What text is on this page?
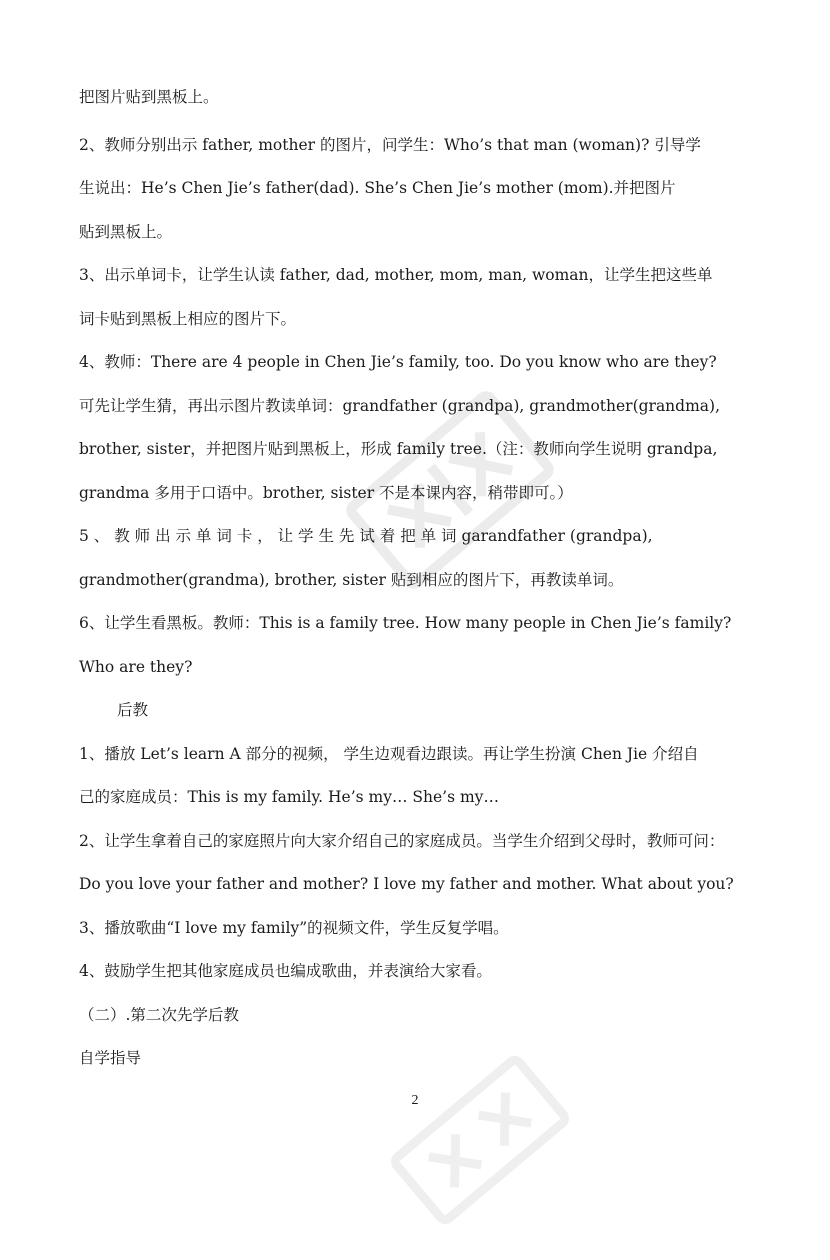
把图片贴到黑板上。
2、教师分别出示 father, mother 的图片，问学生：Who’s that man (woman)? 引导学
生说出：He’s Chen Jie’s father(dad). She’s Chen Jie’s mother (mom).并把图片
贴到黑板上。
3、出示单词卡，让学生认读 father, dad, mother, mom, man, woman，让学生把这些单
词卡贴到黑板上相应的图片下。
4、教师：There are 4 people in Chen Jie’s family, too. Do you know who are they?
可先让学生猜，再出示图片教读单词：grandfather (grandpa), grandmother(grandma),
brother, sister，并把图片贴到黑板上，形成 family tree.（注：教师向学生说明 grandpa,
grandma 多用于口语中。brother, sister 不是本课内容，稍带即可。）
5 、 教 师 出 示 单 词 卡 ， 让 学 生 先 试 着 把 单 词 garandfather (grandpa),
grandmother(grandma), brother, sister 贴到相应的图片下，再教读单词。
6、让学生看黑板。教师：This is a family tree. How many people in Chen Jie’s family?
Who are they?
后教
1、播放 Let’s learn A 部分的视频， 学生边观看边跟读。再让学生扮演 Chen Jie 介绍自
己的家庭成员：This is my family. He’s my… She’s my…
2、让学生拿着自己的家庭照片向大家介绍自己的家庭成员。当学生介绍到父母时，教师可问：
Do you love your father and mother? I love my father and mother. What about you?
3、播放歌曲“I love my family”的视频文件，学生反复学唱。
4、鼓励学生把其他家庭成员也编成歌曲，并表演给大家看。
（二）.第二次先学后教
自学指导
2
